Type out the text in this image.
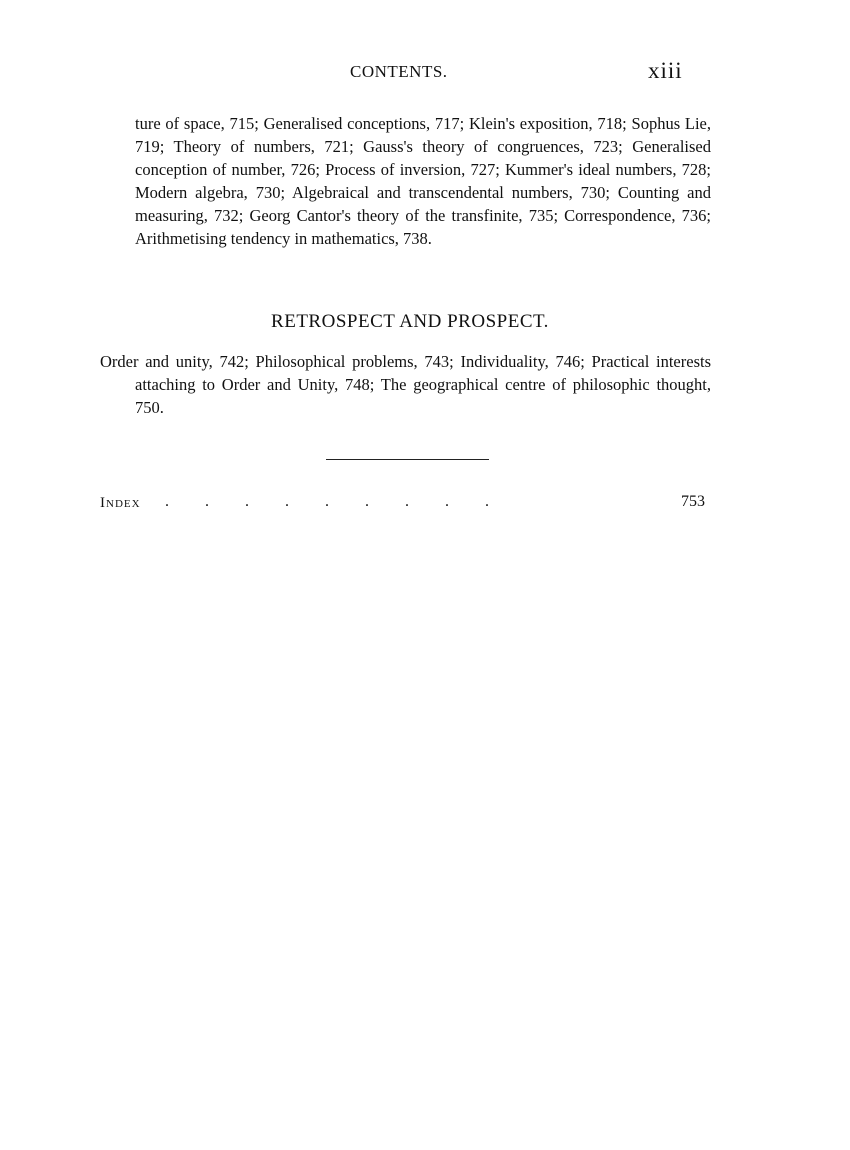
CONTENTS.	xiii
ture of space, 715; Generalised conceptions, 717; Klein's exposition, 718; Sophus Lie, 719; Theory of numbers, 721; Gauss's theory of congruences, 723; Generalised conception of number, 726; Process of inversion, 727; Kummer's ideal numbers, 728; Modern algebra, 730; Algebraical and transcendental numbers, 730; Counting and measuring, 732; Georg Cantor's theory of the transfinite, 735; Correspondence, 736; Arithmetising tendency in mathematics, 738.
RETROSPECT AND PROSPECT.
Order and unity, 742; Philosophical problems, 743; Individuality, 746; Practical interests attaching to Order and Unity, 748; The geographical centre of philosophic thought, 750.
Index .         .         .         .         .         .         .         .         .	753
